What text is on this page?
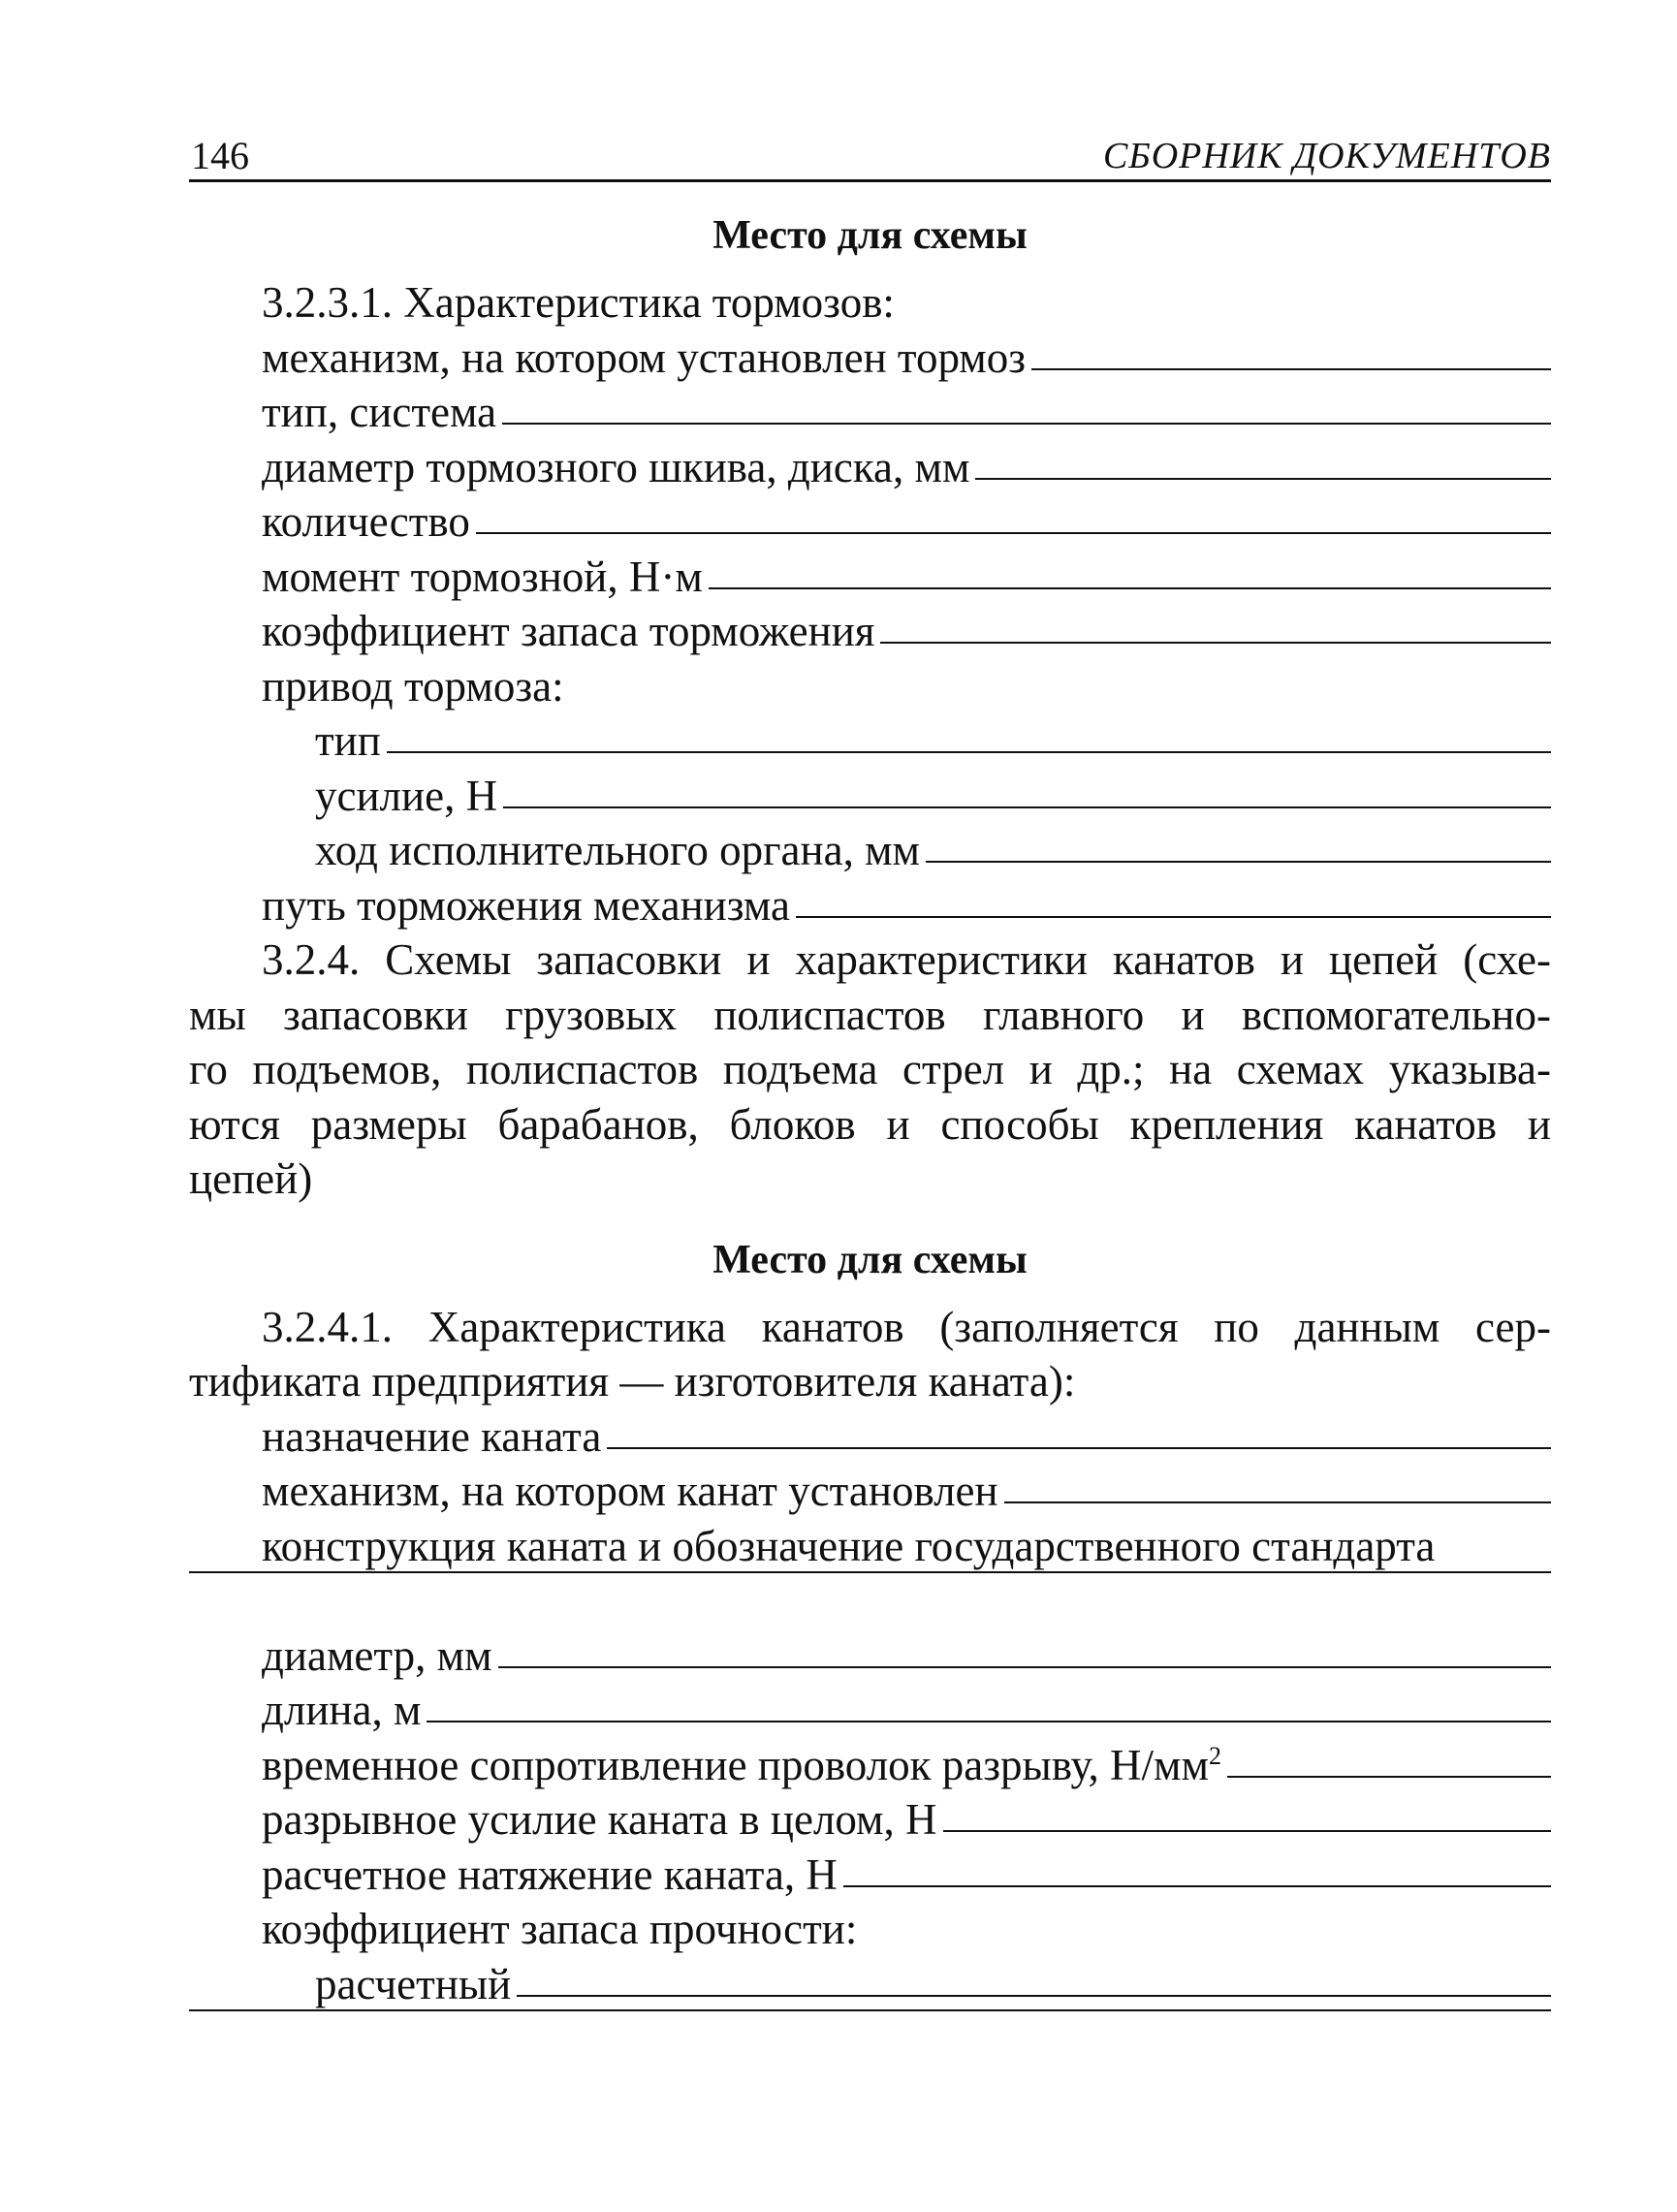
146	СБОРНИК ДОКУМЕНТОВ
Место для схемы
3.2.3.1. Характеристика тормозов:
механизм, на котором установлен тормоз
тип, система
диаметр тормозного шкива, диска, мм
количество
момент тормозной, Н·м
коэффициент запаса торможения
привод тормоза:
тип
усилие, Н
ход исполнительного органа, мм
путь торможения механизма
3.2.4. Схемы запасовки и характеристики канатов и цепей (схе-
мы запасовки грузовых полиспастов главного и вспомогательно-
го подъемов, полиспастов подъема стрел и др.; на схемах указыва-
ются размеры барабанов, блоков и способы крепления канатов и
цепей)
Место для схемы
3.2.4.1. Характеристика канатов (заполняется по данным сер-
тификата предприятия — изготовителя каната):
назначение каната
механизм, на котором канат установлен
конструкция каната и обозначение государственного стандарта
диаметр, мм
длина, м
временное сопротивление проволок разрыву, $Н/мм^2$
разрывное усилие каната в целом, Н
расчетное натяжение каната, Н
коэффициент запаса прочности:
расчетный
